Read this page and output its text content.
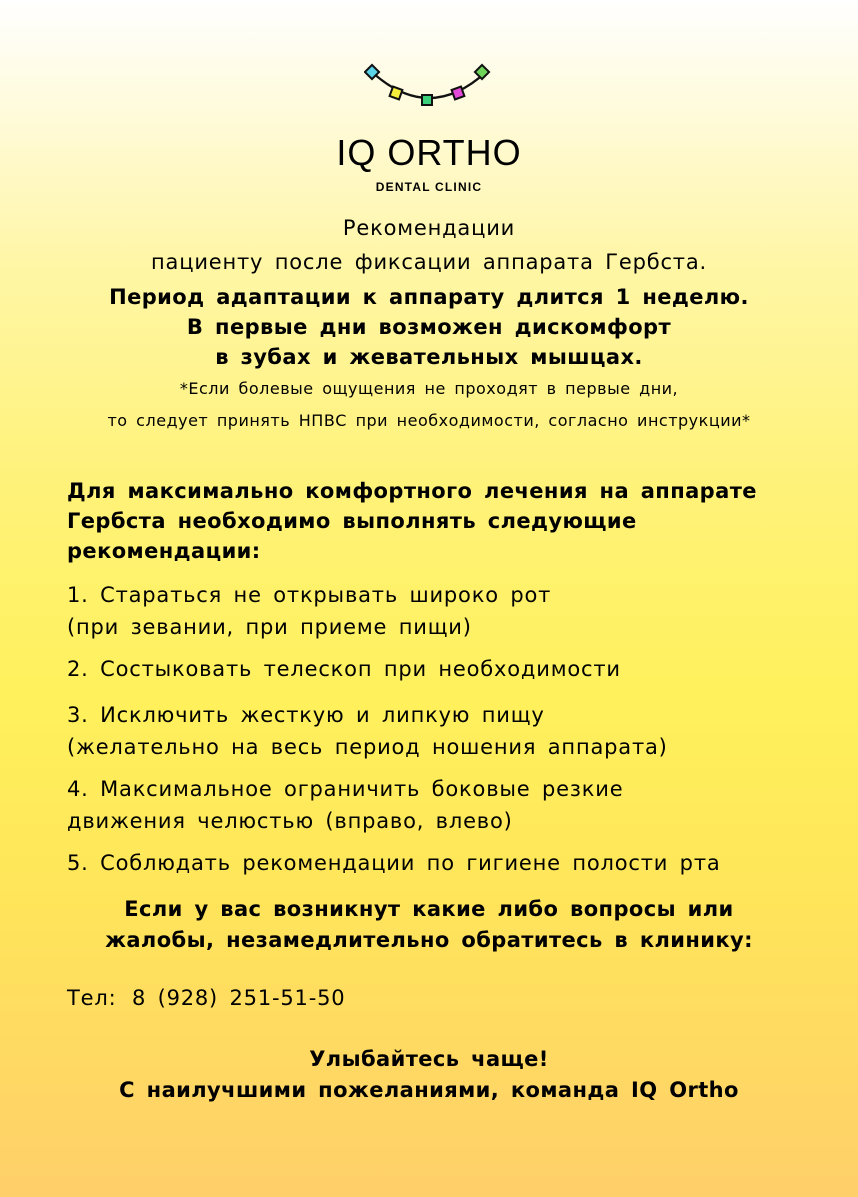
IQ ORTHO
DENTAL CLINIC
Рекомендации
пациенту после фиксации аппарата Гербста.
Период адаптации к аппарату длится 1 неделю.
В первые дни возможен дискомфорт
в зубах и жевательных мышцах.
*Если болевые ощущения не проходят в первые дни,
то следует принять НПВС при необходимости, согласно инструкции*
Для максимально комфортного лечения на аппарате
Гербста необходимо выполнять следующие
рекомендации:
1. Стараться не открывать широко рот
(при зевании, при приеме пищи)
2. Состыковать телескоп при необходимости
3. Исключить жесткую и липкую пищу
(желательно на весь период ношения аппарата)
4. Максимальное ограничить боковые резкие
движения челюстью (вправо, влево)
5. Соблюдать рекомендации по гигиене полости рта
Если у вас возникнут какие либо вопросы или
жалобы, незамедлительно обратитесь в клинику:
Тел: 8 (928) 251-51-50
Улыбайтесь чаще!
С наилучшими пожеланиями, команда IQ Ortho
